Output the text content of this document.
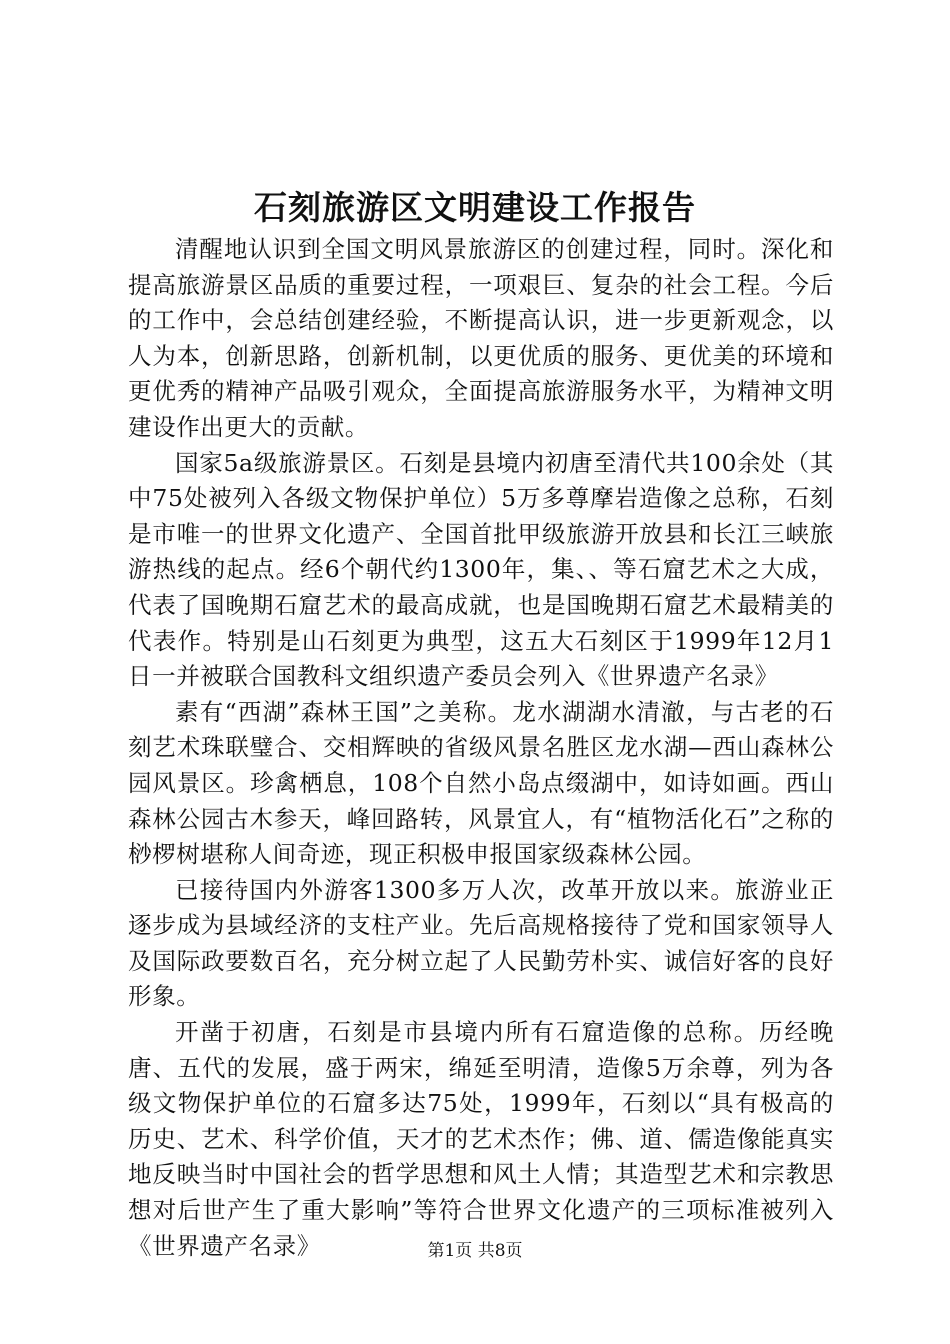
石刻旅游区文明建设工作报告

清醒地认识到全国文明风景旅游区的创建过程，同时。深化和提高旅游景区品质的重要过程，一项艰巨、复杂的社会工程。今后的工作中，会总结创建经验，不断提高认识，进一步更新观念，以人为本，创新思路，创新机制，以更优质的服务、更优美的环境和更优秀的精神产品吸引观众，全面提高旅游服务水平，为精神文明建设作出更大的贡献。

国家5a级旅游景区。石刻是县境内初唐至清代共100余处（其中75处被列入各级文物保护单位）5万多尊摩岩造像之总称，石刻是市唯一的世界文化遗产、全国首批甲级旅游开放县和长江三峡旅游热线的起点。经6个朝代约1300年，集、、等石窟艺术之大成，代表了国晚期石窟艺术的最高成就，也是国晚期石窟艺术最精美的代表作。特别是山石刻更为典型，这五大石刻区于1999年12月1日一并被联合国教科文组织遗产委员会列入《世界遗产名录》

素有“西湖”森林王国”之美称。龙水湖湖水清澈，与古老的石刻艺术珠联璧合、交相辉映的省级风景名胜区龙水湖—西山森林公园风景区。珍禽栖息，108个自然小岛点缀湖中，如诗如画。西山森林公园古木参天，峰回路转，风景宜人，有“植物活化石”之称的桫椤树堪称人间奇迹，现正积极申报国家级森林公园。

已接待国内外游客1300多万人次，改革开放以来。旅游业正逐步成为县域经济的支柱产业。先后高规格接待了党和国家领导人及国际政要数百名，充分树立起了人民勤劳朴实、诚信好客的良好形象。

开凿于初唐，石刻是市县境内所有石窟造像的总称。历经晚唐、五代的发展，盛于两宋，绵延至明清，造像5万余尊，列为各级文物保护单位的石窟多达75处，1999年，石刻以“具有极高的历史、艺术、科学价值，天才的艺术杰作；佛、道、儒造像能真实地反映当时中国社会的哲学思想和风土人情；其造型艺术和宗教思想对后世产生了重大影响”等符合世界文化遗产的三项标准被列入《世界遗产名录》	第1页 共8页
